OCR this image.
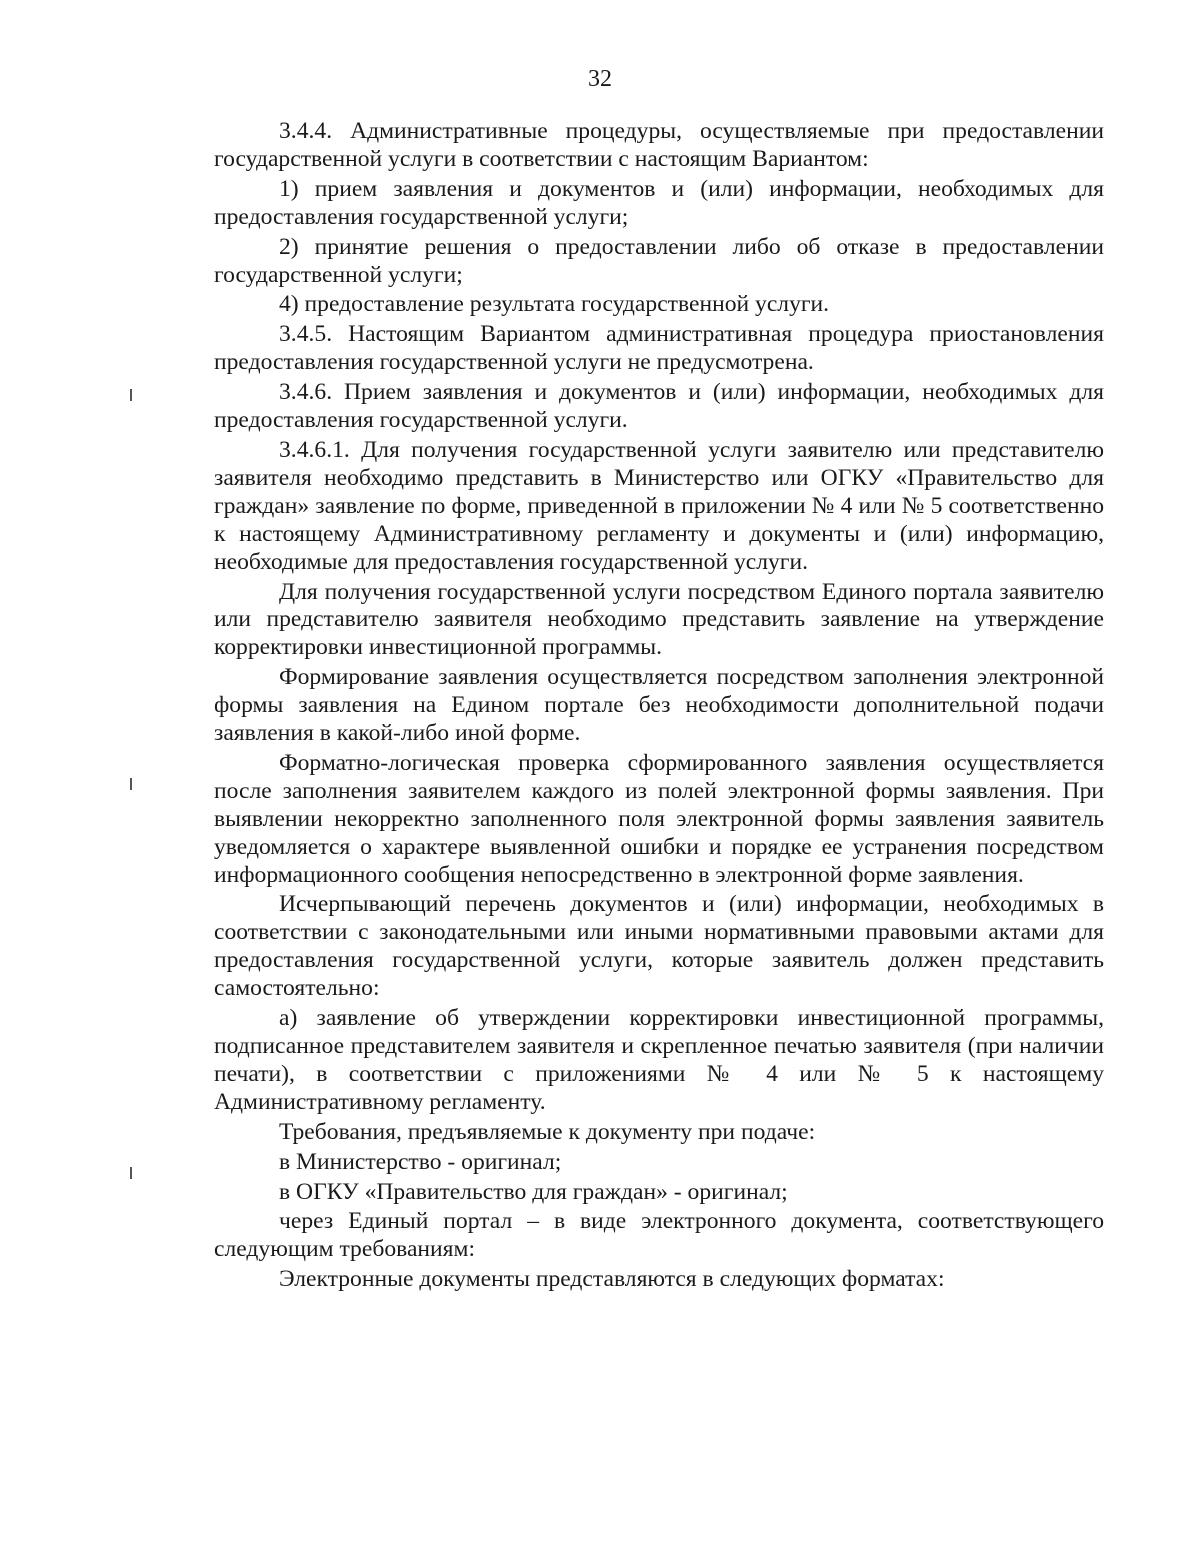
32

3.4.4. Административные процедуры, осуществляемые при предоставлении государственной услуги в соответствии с настоящим Вариантом:

1) прием заявления и документов и (или) информации, необходимых для предоставления государственной услуги;

2) принятие решения о предоставлении либо об отказе в предоставлении государственной услуги;

4) предоставление результата государственной услуги.

3.4.5. Настоящим Вариантом административная процедура приостановления предоставления государственной услуги не предусмотрена.

3.4.6. Прием заявления и документов и (или) информации, необходимых для предоставления государственной услуги.

3.4.6.1. Для получения государственной услуги заявителю или представителю заявителя необходимо представить в Министерство или ОГКУ «Правительство для граждан» заявление по форме, приведенной в приложении № 4 или № 5 соответственно к настоящему Административному регламенту и документы и (или) информацию, необходимые для предоставления государственной услуги.

Для получения государственной услуги посредством Единого портала заявителю или представителю заявителя необходимо представить заявление на утверждение корректировки инвестиционной программы.

Формирование заявления осуществляется посредством заполнения электронной формы заявления на Едином портале без необходимости дополнительной подачи заявления в какой-либо иной форме.

Форматно-логическая проверка сформированного заявления осуществляется после заполнения заявителем каждого из полей электронной формы заявления. При выявлении некорректно заполненного поля электронной формы заявления заявитель уведомляется о характере выявленной ошибки и порядке ее устранения посредством информационного сообщения непосредственно в электронной форме заявления.

Исчерпывающий перечень документов и (или) информации, необходимых в соответствии с законодательными или иными нормативными правовыми актами для предоставления государственной услуги, которые заявитель должен представить самостоятельно:

а) заявление об утверждении корректировки инвестиционной программы, подписанное представителем заявителя и скрепленное печатью заявителя (при наличии печати), в соответствии с приложениями № 4 или № 5 к настоящему Административному регламенту.

Требования, предъявляемые к документу при подаче:

в Министерство - оригинал;

в ОГКУ «Правительство для граждан» - оригинал;

через Единый портал – в виде электронного документа, соответствующего следующим требованиям:

Электронные документы представляются в следующих форматах:
